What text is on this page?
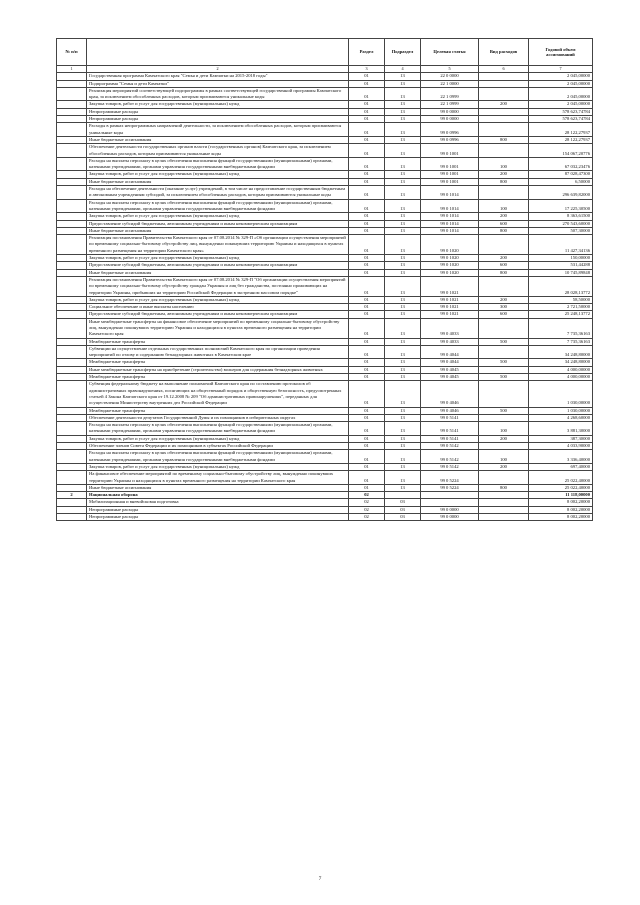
№ п/п		Раздел	Подраздел	Целевая статья	Вид расходов	Годовой объем ассигнований
1	2	3	4	5	6	7
	Государственная программа Камчатского края "Семья и дети Камчатки на 2015-2018 годы"	01	13	22 0 0000		2 045,00000
	Подпрограмма "Семья и дети Камчатки"	01	13	22 1 0000		2 045,00000
	Реализация мероприятий соответствующей подпрограммы в рамках соответствующей государственной программы Камчатского края, за исключением обособленных расходов, которым присваиваются уникальные коды	01	13	22 1 0999		2 045,00000
	Закупка товаров, работ и услуг для государственных (муниципальных) нужд	01	13	22 1 0999	200	2 045,00000
	Непрограммные расходы	01	13	99 0 0000		578 623,74784
	Непрограммные расходы	01	13	99 0 0000		578 623,74784
	Расходы в рамках непрограммных направлений деятельности, за исключением обособленных расходов, которым присваиваются уникальные коды	01	13	99 0 0996		28 122,27937
	Иные бюджетные ассигнования	01	13	99 0 0996	800	28 122,27937
	Обеспечение деятельности государственных органов власти (государственных органов) Камчатского края, за исключением обособленных расходов, которым присваиваются уникальные коды	01	13	99 0 1001		154 067,20776
	Расходы на выплаты персоналу в целях обеспечения выполнения функций государственными (муниципальными) органами, казенными учреждениями, органами управления государственными внебюджетными фондами	01	13	99 0 1001	100	67 032,23476
	Закупка товаров, работ и услуг для государственных (муниципальных) нужд	01	13	99 0 1001	200	87 028,47300
	Иные бюджетные ассигнования	01	13	99 0 1001	800	6,50000
	Расходы на обеспечение деятельности (оказание услуг) учреждений, в том числе на предоставление государственным бюджетным и автономным учреждениям субсидий, за исключением обособленных расходов, которым присваиваются уникальные коды	01	13	99 0 1014		296 639,82000
	Расходы на выплаты персоналу в целях обеспечения выполнения функций государственными (муниципальными) органами, казенными учреждениями, органами управления государственными внебюджетными фондами	01	13	99 0 1014	100	17 225,30500
	Закупка товаров, работ и услуг для государственных (муниципальных) нужд	01	13	99 0 1014	200	8 363,61500
	Предоставление субсидий бюджетным, автономным учреждениям и иным некоммерческим организациям	01	13	99 0 1014	600	270 543,60000
	Иные бюджетные ассигнования	01	13	99 0 1014	800	507,30000
	Реализация постановления Правительства Камчатского края от 07.08.2014 № 329-П «Об организации осуществления мероприятий по временному социально-бытовому обустройству лиц, вынужденно покинувших территорию Украины и находящихся в пунктах временного размещения на территории Камчатского края»	01	13	99 0 1020		11 427,34136
	Закупка товаров, работ и услуг для государственных (муниципальных) нужд	01	13	99 0 1020	200	150,00000
	Предоставление субсидий бюджетным, автономным учреждениям и иным некоммерческим организациям	01	13	99 0 1020	600	531,44288
	Иные бюджетные ассигнования	01	13	99 0 1020	800	10 745,89848
	Реализация постановления Правительства Камчатского края от 07.08.2014 № 329-П "Об организации осуществления мероприятий по временному социально-бытовому обустройству граждан Украины и лиц без гражданства, постоянно проживающих на территории Украины, прибывших на территорию Российской Федерации в экстренном массовом порядке"	01	13	99 0 1021		28 028,13772
	Закупка товаров, работ и услуг для государственных (муниципальных) нужд	01	13	99 0 1021	200	58,50000
	Социальное обеспечение и иные выплаты населению	01	13	99 0 1021	300	2 721,50000
	Предоставление субсидий бюджетным, автономным учреждениям и иным некоммерческим организациям	01	13	99 0 1021	600	25 248,13772
	Иные межбюджетные трансферты на финансовое обеспечение мероприятий по временному социально-бытовому обустройству лиц, вынужденно покинувших территорию Украины и находящихся в пунктах временного размещения на территории Камчатского края	01	13	99 0 4033		7 735,36163
	Межбюджетные трансферты	01	13	99 0 4033	500	7 735,36163
	Субвенции на осуществление отдельных государственных полномочий Камчатского края по организации проведения мероприятий по отлову и содержанию безнадзорных животных в Камчатском крае	01	13	99 0 4044		34 248,80000
	Межбюджетные трансферты	01	13	99 0 4044	500	34 248,80000
	Иные межбюджетные трансферты на приобретение (строительство) вольеров для содержания безнадзорных животных	01	13	99 0 4045		4 000,00000
	Межбюджетные трансферты	01	13	99 0 4045	500	4 000,00000
	Субвенция федеральному бюджету на выполнение полномочий Камчатского края по составлению протоколов об административных правонарушениях, посягающих на общественный порядок и общественную безопасность, предусмотренных статьей 4 Закона Камчатского края от 19.12.2008 № 209 "Об административных правонарушениях", переданных для осуществления Министерству внутренних дел Российской Федерации	01	13	99 0 4046		1 030,00000
	Межбюджетные трансферты	01	13	99 0 4046	500	1 030,00000
	Обеспечение деятельности депутатов Государственной Думы и их помощников в избирательных округах	01	13	99 0 5141		4 268,60000
	Расходы на выплаты персоналу в целях обеспечения выполнения функций государственными (муниципальными) органами, казенными учреждениями, органами управления государственными внебюджетными фондами	01	13	99 0 5141	100	3 881,30000
	Закупка товаров, работ и услуг для государственных (муниципальных) нужд	01	13	99 0 5141	200	387,30000
	Обеспечение членов Совета Федерации и их помощников в субъектах Российской Федерации	01	13	99 0 5142		4 033,90000
	Расходы на выплаты персоналу в целях обеспечения выполнения функций государственными (муниципальными) органами, казенными учреждениями, органами управления государственными внебюджетными фондами	01	13	99 0 5142	100	3 336,40000
	Закупка товаров, работ и услуг для государственных (муниципальных) нужд	01	13	99 0 5142	200	697,40000
	На финансовое обеспечение мероприятий по временному социально-бытовому обустройству лиц, вынужденно покинувших территорию Украины и находящихся в пунктах временного размещения на территории Камчатского края	01	13	99 0 5224		25 022,40000
	Иные бюджетные ассигнования	01	13	99 0 5224	800	25 022,40000
2	Национальная оборона	02				11 118,00000
	Мобилизационная и вневойсковая подготовка	02	03			8 002,20000
	Непрограммные расходы	02	03	99 0 0000		8 002,20000
	Непрограммные расходы	02	03	99 0 0000		8 002,20000
7
